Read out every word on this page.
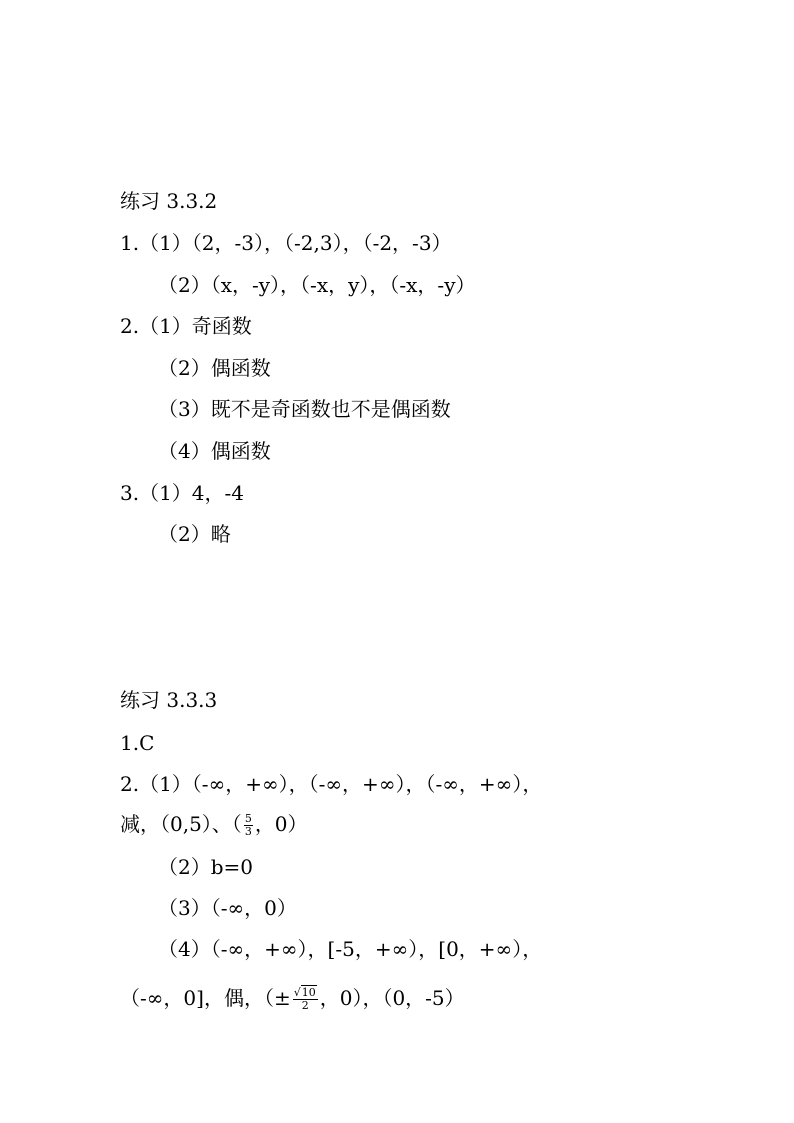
练习 3.3.2
1.（1）（2，-3），（-2,3），（-2，-3）
（2）（x，-y），（-x，y），（-x，-y）
2.（1）奇函数
（2）偶函数
（3）既不是奇函数也不是偶函数
（4）偶函数
3.（1）4，-4
（2）略
练习 3.3.3
1.C
2.（1）（-∞，+∞），（-∞，+∞），（-∞，+∞），
减，（0,5）、（ $\frac{5}{3}$ ，0）
（2）b=0
（3）（-∞，0）
（4）（-∞，+∞），[-5，+∞），[0，+∞），
（-∞，0]，偶，（± $\frac{√10}{2}$ ，0），（0，-5）
